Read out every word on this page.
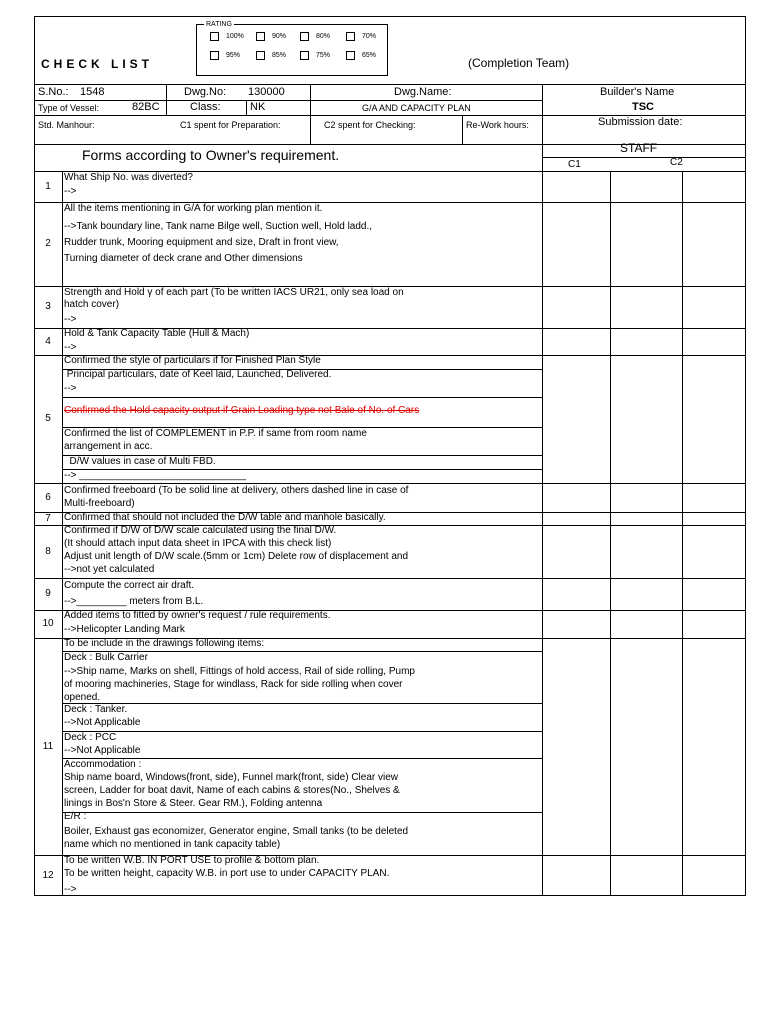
CHECK LIST
RATING
100%	90%	80%	70%
95%	85%	75%	65%
(Completion Team)
S.No.: 1548	Dwg.No: 130000	Dwg.Name:	Builder's Name
Type of Vessel:	82BC	Class:	NK	G/A AND CAPACITY PLAN	TSC
Std. Manhour:	C1 spent for Preparation:	C2 spent for Checking:	Re-Work hours:	Submission date:
Forms according to Owner's requirement.	STAFF
C1	C2
1
What Ship No. was diverted?
-->
2
All the items mentioning in G/A for working plan mention it.
-->Tank boundary line, Tank name Bilge well, Suction well, Hold ladd.,
Rudder trunk, Mooring equipment and size, Draft in front view,
Turning diameter of deck crane and Other dimensions
3
Strength and Hold γ of each part (To be written IACS UR21, only sea load on
hatch cover)
-->
4
Hold & Tank Capacity Table (Hull & Mach)
-->
5
Confirmed the style of particulars if for Finished Plan Style
Principal particulars, date of Keel laid, Launched, Delivered.
-->
Confirmed the Hold capacity output if Grain Loading type not Bale of No. of Cars
Confirmed the list of COMPLEMENT in P.P. if same from room name
arrangement in acc.
D/W values in case of Multi FBD.
--> ______________________________
6
Confirmed freeboard (To be solid line at delivery, others dashed line in case of
Multi-freeboard)
7	Confirmed that should not included the D/W table and manhole basically.
8
Confirmed if D/W of D/W scale calculated using the final D/W.
(It should attach input data sheet in IPCA with this check list)
Adjust unit length of D/W scale.(5mm or 1cm) Delete row of displacement and
-->not yet calculated
9
Compute the correct air draft.
-->_________ meters from B.L.
10
Added items to fitted by owner's request / rule requirements.
-->Helicopter Landing Mark
11
To be include in the drawings following items:
Deck : Bulk Carrier
-->Ship name, Marks on shell, Fittings of hold access, Rail of side rolling, Pump
of mooring machineries, Stage for windlass, Rack for side rolling when cover
opened.
Deck : Tanker.
-->Not Applicable
Deck : PCC
-->Not Applicable
Accommodation :
Ship name board, Windows(front, side), Funnel mark(front, side) Clear view
screen, Ladder for boat davit, Name of each cabins & stores(No., Shelves &
linings in Bos'n Store & Steer. Gear RM.), Folding antenna
E/R :
Boiler, Exhaust gas economizer, Generator engine, Small tanks (to be deleted
name which no mentioned in tank capacity table)
12
To be written W.B. IN PORT USE to profile & bottom plan.
To be written height, capacity W.B. in port use to under CAPACITY PLAN.
-->
